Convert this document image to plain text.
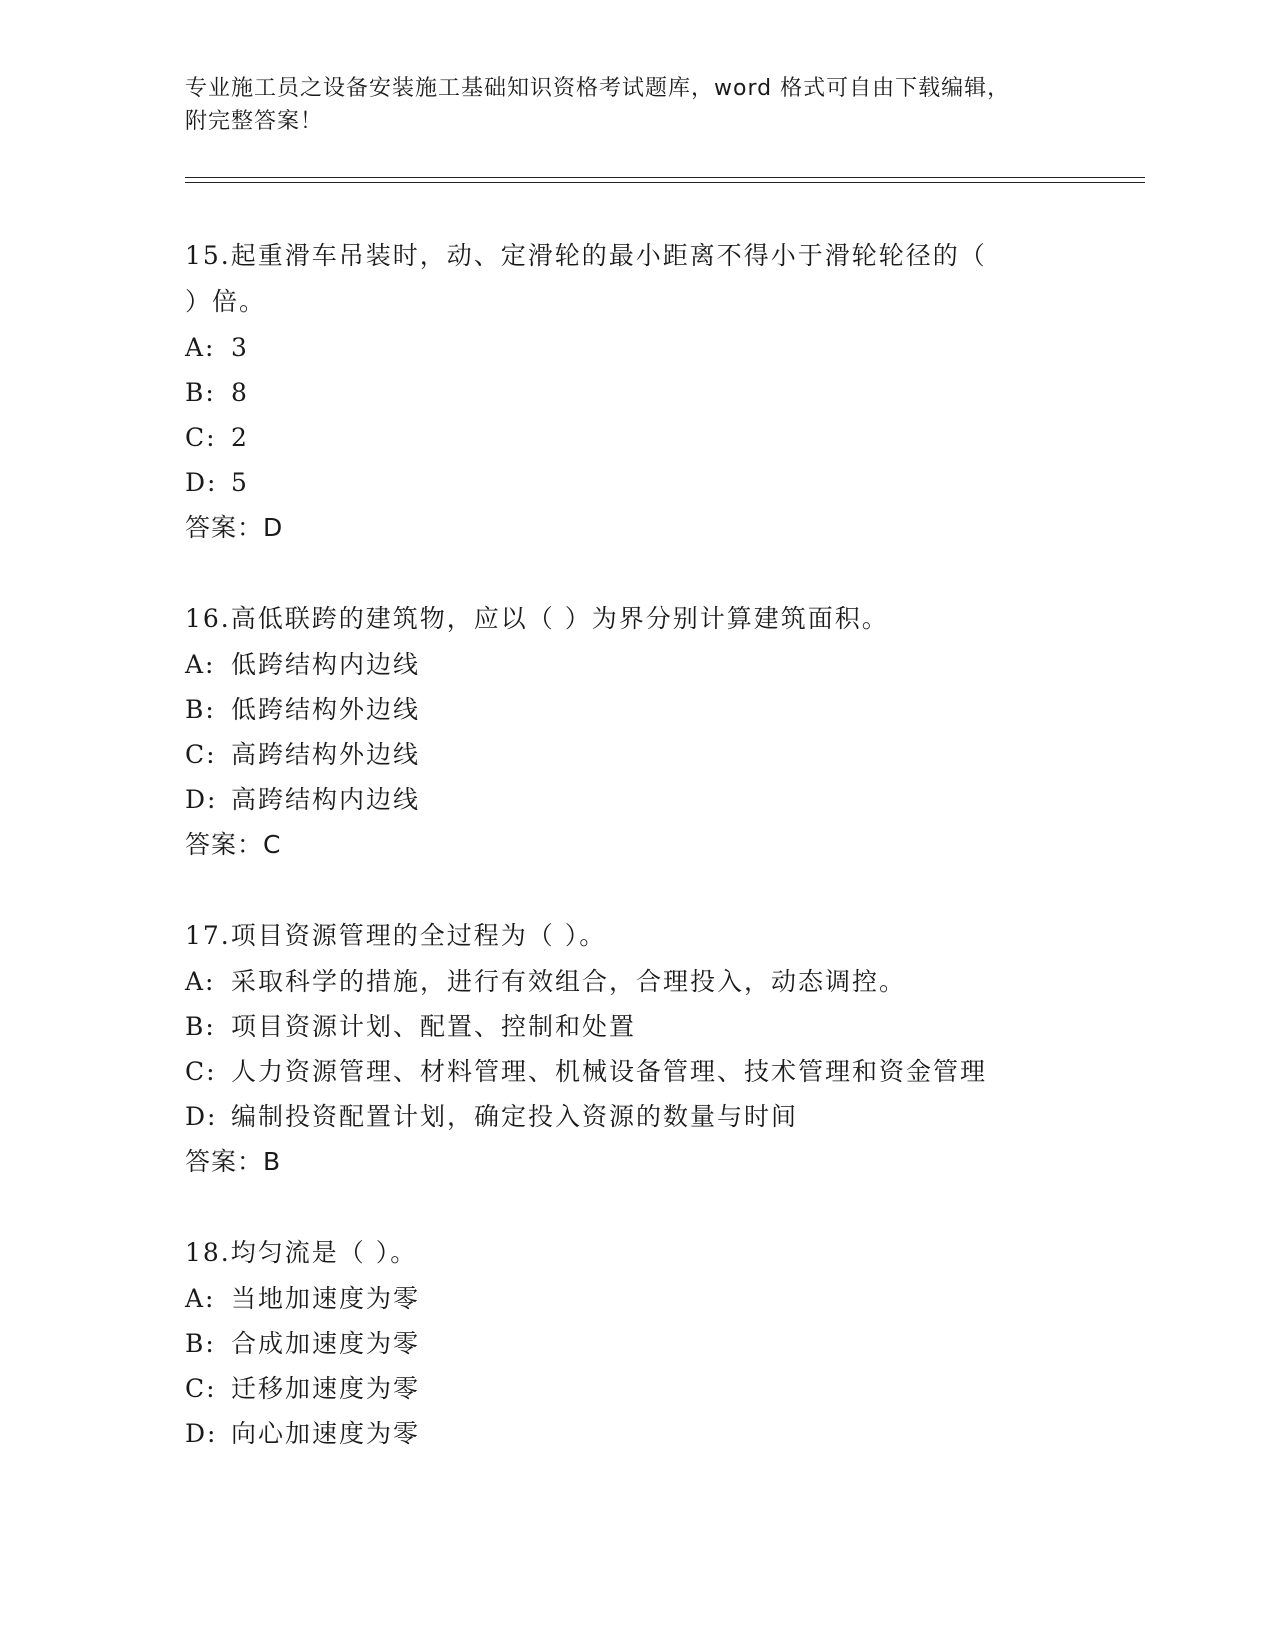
专业施工员之设备安装施工基础知识资格考试题库，word 格式可自由下载编辑，
附完整答案！

15.起重滑车吊装时，动、定滑轮的最小距离不得小于滑轮轮径的（

）倍。

A: 3

B: 8

C: 2

D: 5

答案：D

16.高低联跨的建筑物，应以（ ）为界分别计算建筑面积。

A: 低跨结构内边线

B: 低跨结构外边线

C: 高跨结构外边线

D: 高跨结构内边线

答案：C

17.项目资源管理的全过程为（ ）。

A: 采取科学的措施，进行有效组合，合理投入，动态调控。

B: 项目资源计划、配置、控制和处置

C: 人力资源管理、材料管理、机械设备管理、技术管理和资金管理

D: 编制投资配置计划，确定投入资源的数量与时间

答案：B

18.均匀流是（ ）。

A: 当地加速度为零

B: 合成加速度为零

C: 迁移加速度为零

D: 向心加速度为零
